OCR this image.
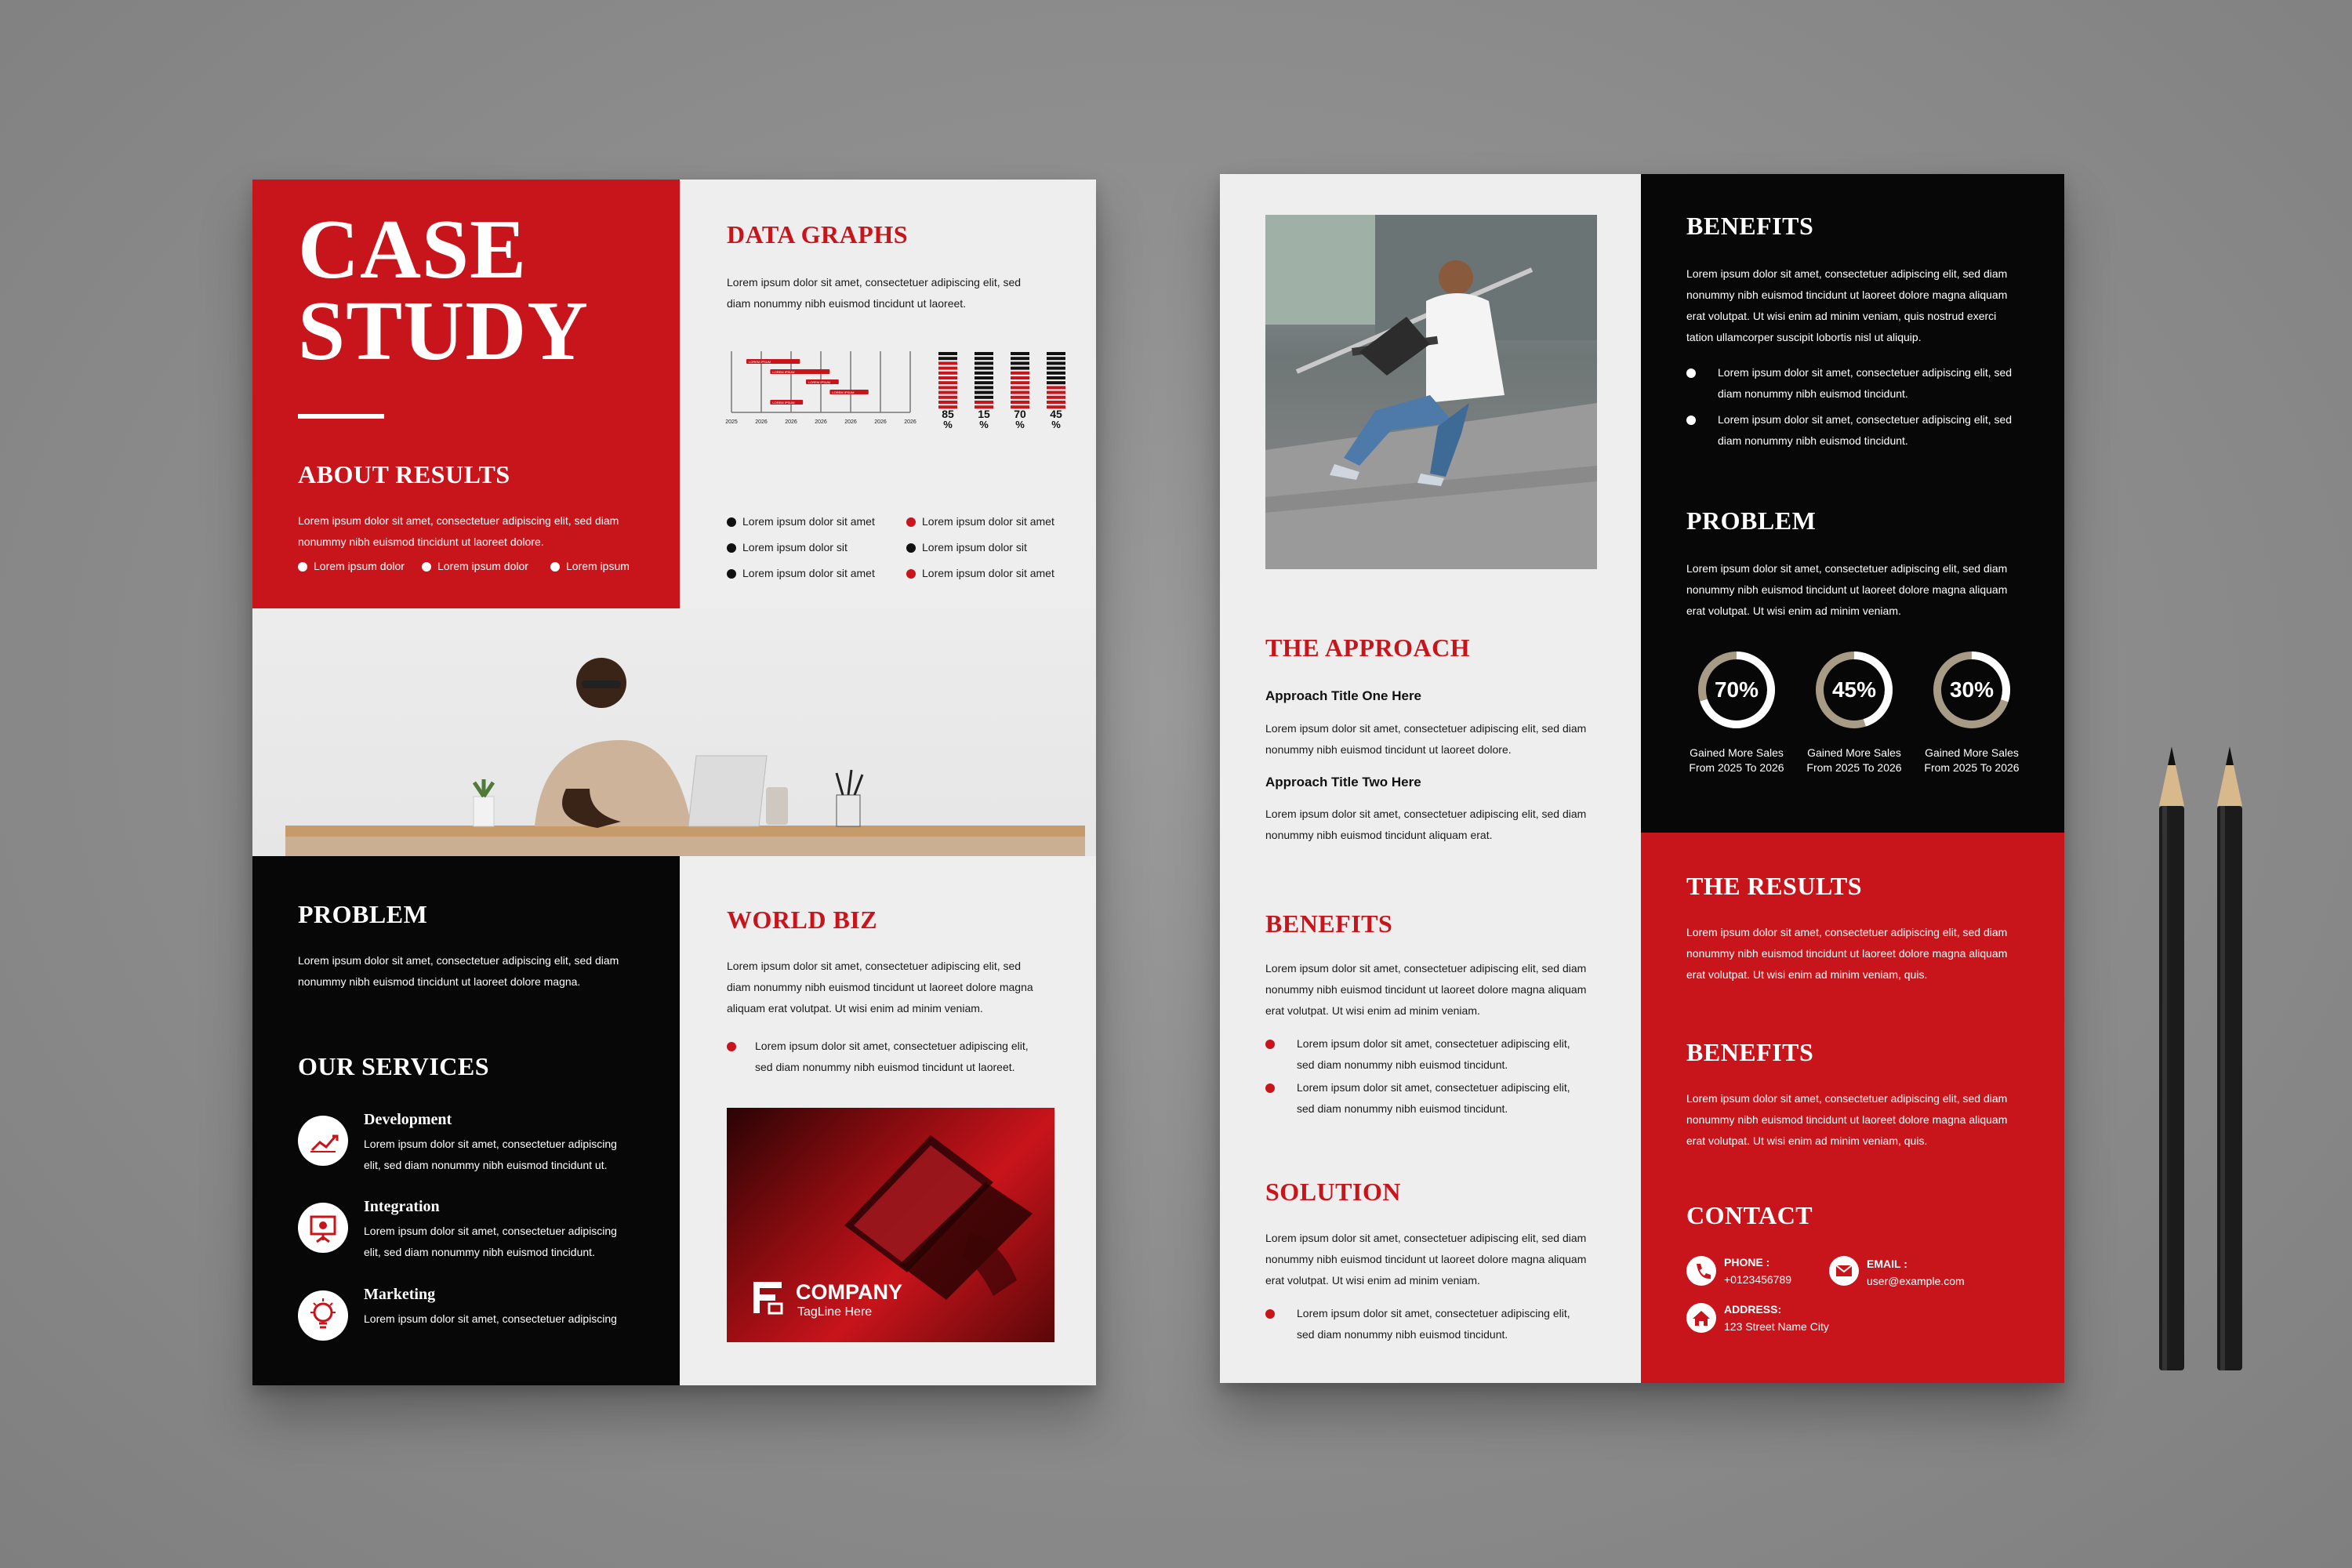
CASE
STUDY
ABOUT RESULTS
Lorem ipsum dolor sit amet, consectetuer adipiscing elit, sed diam
nonummy nibh euismod tincidunt ut laoreet dolore.
Lorem ipsum dolor	Lorem ipsum dolor	Lorem ipsum
DATA GRAPHS
Lorem ipsum dolor sit amet, consectetuer adipiscing elit, sed
diam nonummy nibh euismod tincidunt ut laoreet.
2025	2026	2026	2026	2026	2026	2026
LOREM IPSUM
LOREM IPSUM
LOREM IPSUM
LOREM IPSUM
LOREM IPSUM
85
%
15
%
70
%
45
%
Lorem ipsum dolor sit amet
Lorem ipsum dolor sit
Lorem ipsum dolor sit amet
Lorem ipsum dolor sit amet
Lorem ipsum dolor sit
Lorem ipsum dolor sit amet
PROBLEM
Lorem ipsum dolor sit amet, consectetuer adipiscing elit, sed diam
nonummy nibh euismod tincidunt ut laoreet dolore magna.
OUR SERVICES
Development
Lorem ipsum dolor sit amet, consectetuer adipiscing
elit, sed diam nonummy nibh euismod tincidunt ut.
Integration
Lorem ipsum dolor sit amet, consectetuer adipiscing
elit, sed diam nonummy nibh euismod tincidunt.
Marketing
Lorem ipsum dolor sit amet, consectetuer adipiscing
WORLD BIZ
Lorem ipsum dolor sit amet, consectetuer adipiscing elit, sed
diam nonummy nibh euismod tincidunt ut laoreet dolore magna
aliquam erat volutpat. Ut wisi enim ad minim veniam.
Lorem ipsum dolor sit amet, consectetuer adipiscing elit,
sed diam nonummy nibh euismod tincidunt ut laoreet.
COMPANY
TagLine Here
THE APPROACH
Approach Title One Here
Lorem ipsum dolor sit amet, consectetuer adipiscing elit, sed diam
nonummy nibh euismod tincidunt ut laoreet dolore.
Approach Title Two Here
Lorem ipsum dolor sit amet, consectetuer adipiscing elit, sed diam
nonummy nibh euismod tincidunt aliquam erat.
BENEFITS
Lorem ipsum dolor sit amet, consectetuer adipiscing elit, sed diam
nonummy nibh euismod tincidunt ut laoreet dolore magna aliquam
erat volutpat. Ut wisi enim ad minim veniam.
Lorem ipsum dolor sit amet, consectetuer adipiscing elit,
sed diam nonummy nibh euismod tincidunt.
Lorem ipsum dolor sit amet, consectetuer adipiscing elit,
sed diam nonummy nibh euismod tincidunt.
SOLUTION
Lorem ipsum dolor sit amet, consectetuer adipiscing elit, sed diam
nonummy nibh euismod tincidunt ut laoreet dolore magna aliquam
erat volutpat. Ut wisi enim ad minim veniam.
Lorem ipsum dolor sit amet, consectetuer adipiscing elit,
sed diam nonummy nibh euismod tincidunt.
BENEFITS
Lorem ipsum dolor sit amet, consectetuer adipiscing elit, sed diam
nonummy nibh euismod tincidunt ut laoreet dolore magna aliquam
erat volutpat. Ut wisi enim ad minim veniam, quis nostrud exerci
tation ullamcorper suscipit lobortis nisl ut aliquip.
Lorem ipsum dolor sit amet, consectetuer adipiscing elit, sed
diam nonummy nibh euismod tincidunt.
Lorem ipsum dolor sit amet, consectetuer adipiscing elit, sed
diam nonummy nibh euismod tincidunt.
PROBLEM
Lorem ipsum dolor sit amet, consectetuer adipiscing elit, sed diam
nonummy nibh euismod tincidunt ut laoreet dolore magna aliquam
erat volutpat. Ut wisi enim ad minim veniam.
70%
Gained More Sales
From 2025 To 2026
45%
Gained More Sales
From 2025 To 2026
30%
Gained More Sales
From 2025 To 2026
THE RESULTS
Lorem ipsum dolor sit amet, consectetuer adipiscing elit, sed diam
nonummy nibh euismod tincidunt ut laoreet dolore magna aliquam
erat volutpat. Ut wisi enim ad minim veniam, quis.
BENEFITS
Lorem ipsum dolor sit amet, consectetuer adipiscing elit, sed diam
nonummy nibh euismod tincidunt ut laoreet dolore magna aliquam
erat volutpat. Ut wisi enim ad minim veniam, quis.
CONTACT
PHONE :
+0123456789
EMAIL :
user@example.com
ADDRESS:
123 Street Name City
